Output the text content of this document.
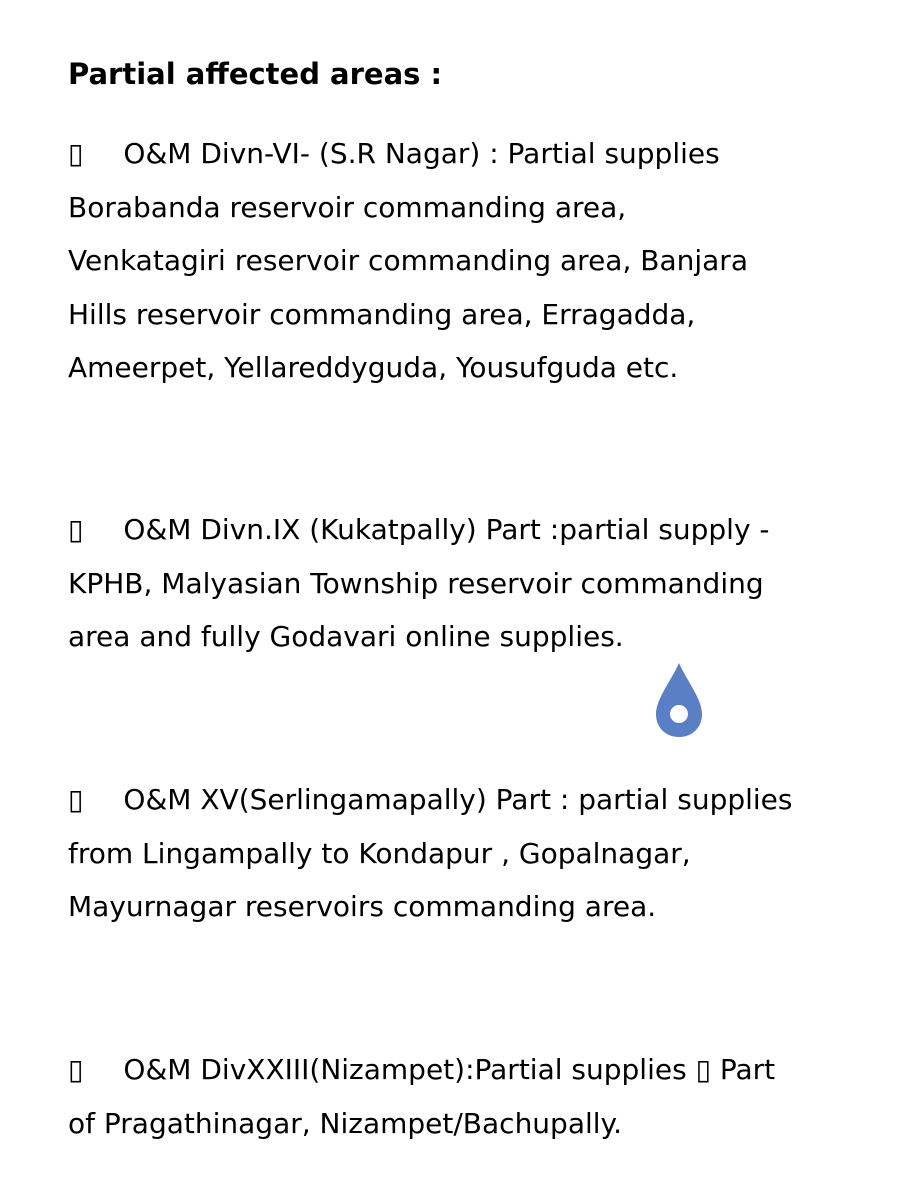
Partial affected areas :
▯ O&M Divn-VI- (S.R Nagar) : Partial supplies
Borabanda reservoir commanding area,
Venkatagiri reservoir commanding area, Banjara
Hills reservoir commanding area, Erragadda,
Ameerpet, Yellareddyguda, Yousufguda etc.
▯ O&M Divn.IX (Kukatpally) Part :partial supply -
KPHB, Malyasian Township reservoir commanding
area and fully Godavari online supplies.
▯ O&M XV(Serlingamapally) Part : partial supplies
from Lingampally to Kondapur , Gopalnagar,
Mayurnagar reservoirs commanding area.
▯ O&M DivXXIII(Nizampet):Partial supplies ▯ Part
of Pragathinagar, Nizampet/Bachupally.
